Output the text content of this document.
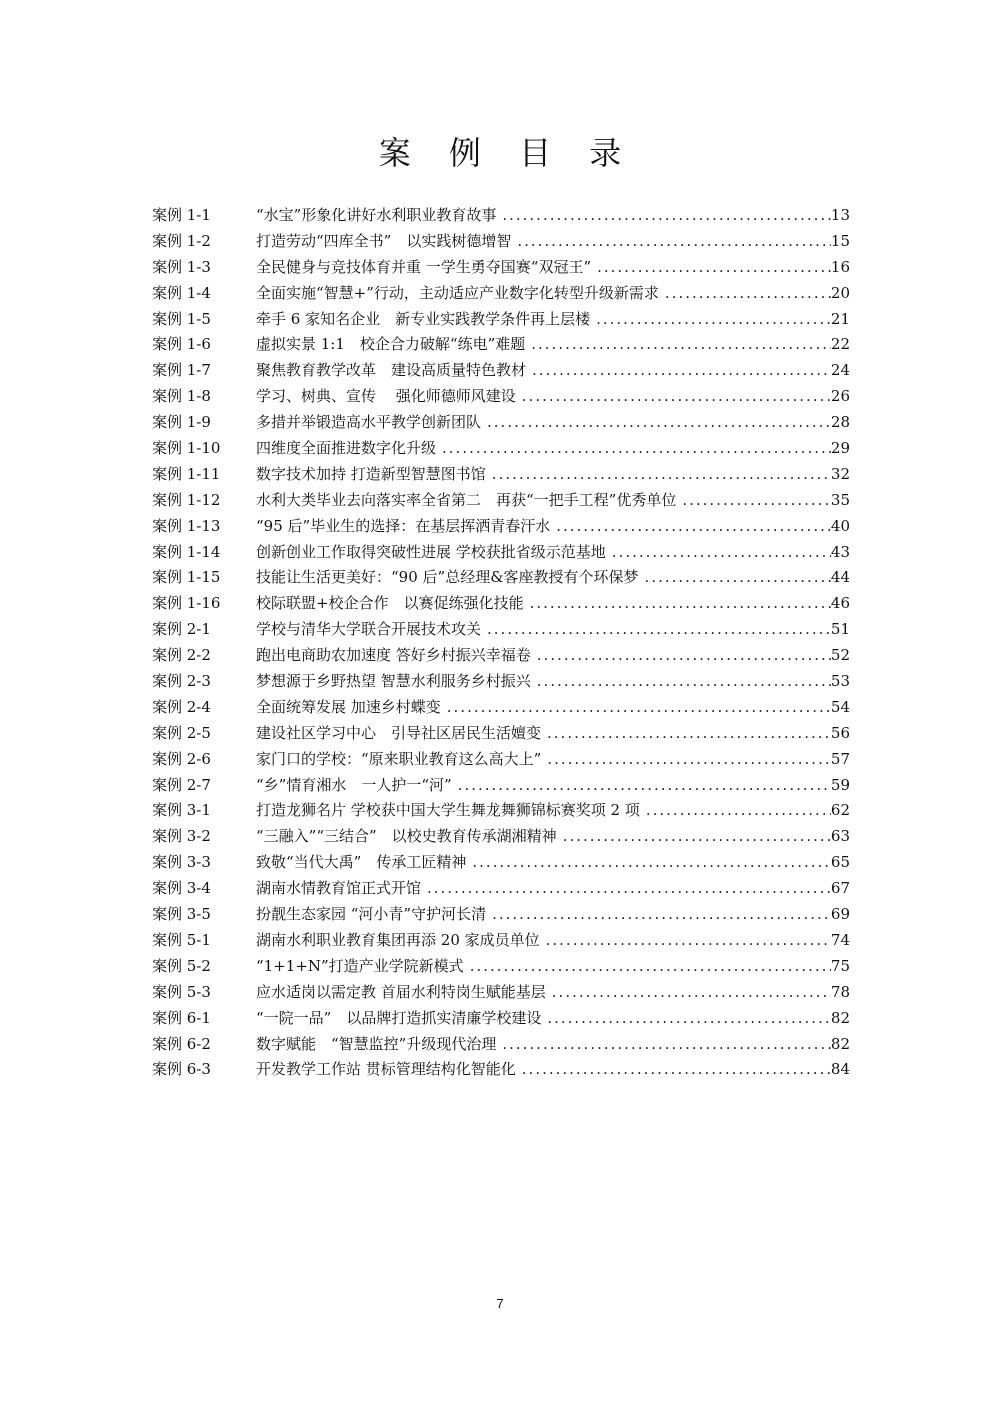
案 例 目 录
案例 1-1	“水宝”形象化讲好水利职业教育故事 .....	13
案例 1-2	打造劳动“四库全书”　以实践树德增智 .....	15
案例 1-3	全民健身与竞技体育并重 一学生勇夺国赛“双冠王” .....	16
案例 1-4	全面实施“智慧+”行动，主动适应产业数字化转型升级新需求 .....	20
案例 1-5	牵手 6 家知名企业　新专业实践教学条件再上层楼 .....	21
案例 1-6	虚拟实景 1:1　校企合力破解“练电”难题 .....	22
案例 1-7	聚焦教育教学改革　建设高质量特色教材 .....	24
案例 1-8	学习、树典、宣传　 强化师德师风建设 .....	26
案例 1-9	多措并举锻造高水平教学创新团队 .....	28
案例 1-10	四维度全面推进数字化升级 .....	29
案例 1-11	数字技术加持 打造新型智慧图书馆 .....	32
案例 1-12	水利大类毕业去向落实率全省第二　再获“一把手工程”优秀单位 .....	35
案例 1-13	“95 后”毕业生的选择：在基层挥洒青春汗水 .....	40
案例 1-14	创新创业工作取得突破性进展 学校获批省级示范基地 .....	43
案例 1-15	技能让生活更美好：“90 后”总经理&客座教授有个环保梦 .....	44
案例 1-16	校际联盟+校企合作　以赛促练强化技能 .....	46
案例 2-1	学校与清华大学联合开展技术攻关 .....	51
案例 2-2	跑出电商助农加速度 答好乡村振兴幸福卷 .....	52
案例 2-3	梦想源于乡野热望 智慧水利服务乡村振兴 .....	53
案例 2-4	全面统筹发展 加速乡村蝶变 .....	54
案例 2-5	建设社区学习中心　引导社区居民生活嬗变 .....	56
案例 2-6	家门口的学校：“原来职业教育这么高大上” .....	57
案例 2-7	“乡”情育湘水　一人护一“河” .....	59
案例 3-1	打造龙狮名片 学校获中国大学生舞龙舞狮锦标赛奖项 2 项 .....	62
案例 3-2	“三融入”“三结合”　以校史教育传承湖湘精神 .....	63
案例 3-3	致敬“当代大禹”　传承工匠精神 .....	65
案例 3-4	湖南水情教育馆正式开馆 .....	67
案例 3-5	扮靓生态家园 “河小青”守护河长清 .....	69
案例 5-1	湖南水利职业教育集团再添 20 家成员单位 .....	74
案例 5-2	“1+1+N”打造产业学院新模式 .....	75
案例 5-3	应水适岗以需定教 首届水利特岗生赋能基层 .....	78
案例 6-1	“一院一品”　以品牌打造抓实清廉学校建设 .....	82
案例 6-2	数字赋能　“智慧监控”升级现代治理 .....	82
案例 6-3	开发教学工作站 贯标管理结构化智能化 .....	84
7
